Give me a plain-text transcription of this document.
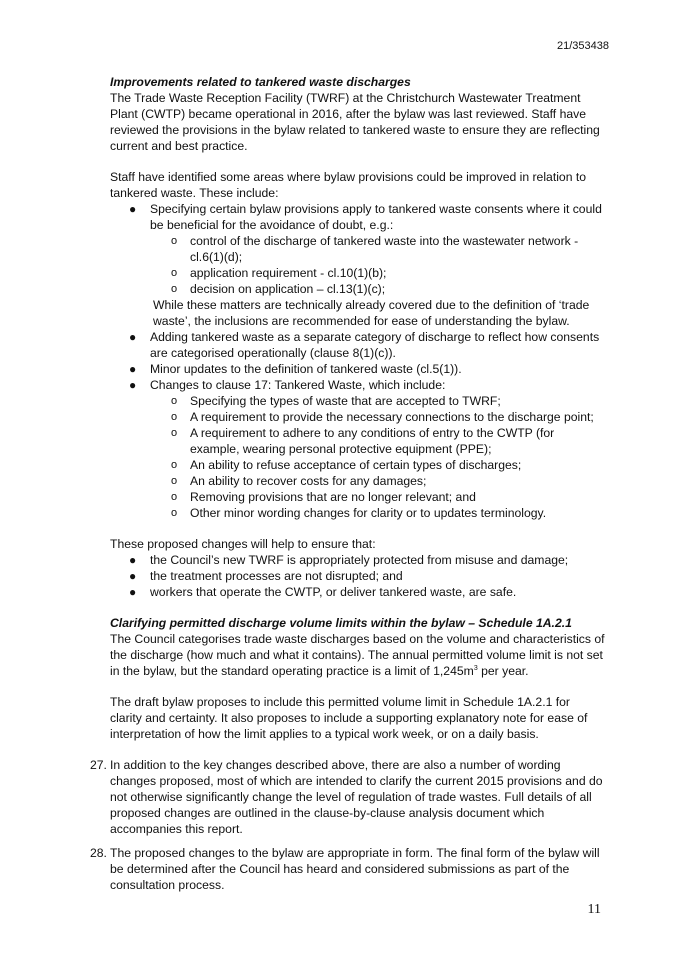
21/353438

Improvements related to tankered waste discharges

The Trade Waste Reception Facility (TWRF) at the Christchurch Wastewater Treatment Plant (CWTP) became operational in 2016, after the bylaw was last reviewed. Staff have reviewed the provisions in the bylaw related to tankered waste to ensure they are reflecting current and best practice.

Staff have identified some areas where bylaw provisions could be improved in relation to tankered waste. These include:

● Specifying certain bylaw provisions apply to tankered waste consents where it could be beneficial for the avoidance of doubt, e.g.:
o control of the discharge of tankered waste into the wastewater network - cl.6(1)(d);
o application requirement - cl.10(1)(b);
o decision on application – cl.13(1)(c);

While these matters are technically already covered due to the definition of ‘trade waste’, the inclusions are recommended for ease of understanding the bylaw.

● Adding tankered waste as a separate category of discharge to reflect how consents are categorised operationally (clause 8(1)(c)).
● Minor updates to the definition of tankered waste (cl.5(1)).
● Changes to clause 17: Tankered Waste, which include:
o Specifying the types of waste that are accepted to TWRF;
o A requirement to provide the necessary connections to the discharge point;
o A requirement to adhere to any conditions of entry to the CWTP (for example, wearing personal protective equipment (PPE);
o An ability to refuse acceptance of certain types of discharges;
o An ability to recover costs for any damages;
o Removing provisions that are no longer relevant; and
o Other minor wording changes for clarity or to updates terminology.

These proposed changes will help to ensure that:

● the Council’s new TWRF is appropriately protected from misuse and damage;
● the treatment processes are not disrupted; and
● workers that operate the CWTP, or deliver tankered waste, are safe.

Clarifying permitted discharge volume limits within the bylaw – Schedule 1A.2.1

The Council categorises trade waste discharges based on the volume and characteristics of the discharge (how much and what it contains). The annual permitted volume limit is not set in the bylaw, but the standard operating practice is a limit of $1,245m^3$ per year.

The draft bylaw proposes to include this permitted volume limit in Schedule 1A.2.1 for clarity and certainty. It also proposes to include a supporting explanatory note for ease of interpretation of how the limit applies to a typical work week, or on a daily basis.

27. In addition to the key changes described above, there are also a number of wording changes proposed, most of which are intended to clarify the current 2015 provisions and do not otherwise significantly change the level of regulation of trade wastes. Full details of all proposed changes are outlined in the clause-by-clause analysis document which accompanies this report.
28. The proposed changes to the bylaw are appropriate in form. The final form of the bylaw will be determined after the Council has heard and considered submissions as part of the consultation process.
11
